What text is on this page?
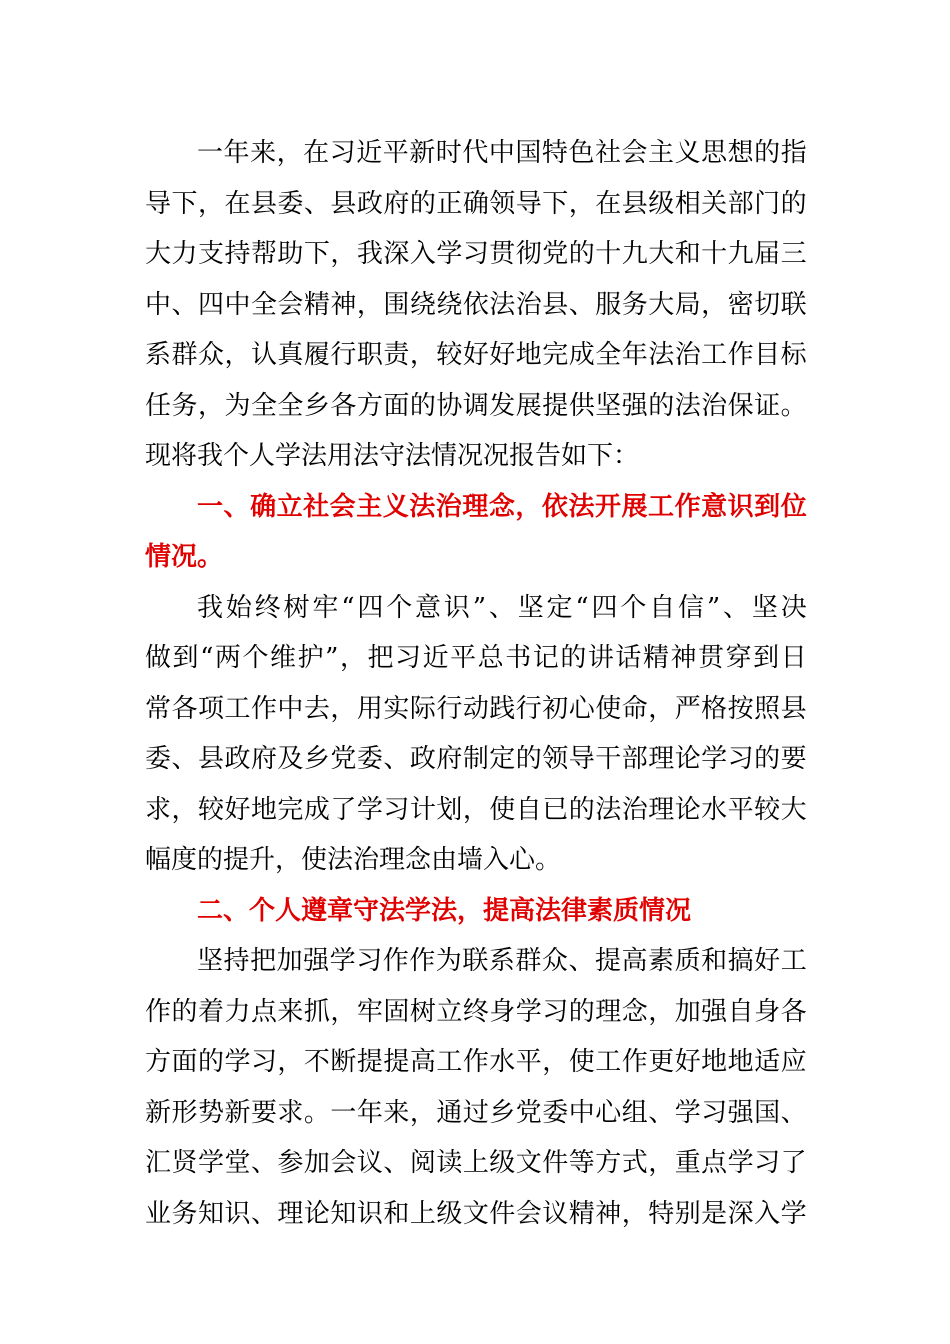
一 年 来 ， 在 习 近 平 新 时 代 中 国 特 色 社 会 主 义 思 想 的 指
导 下 ， 在 县 委 、 县 政 府 的 正 确 领 导 下 ， 在 县 级 相 关 部 门 的
大 力 支 持 帮 助 下 ， 我 深 入 学 习 贯 彻 党 的 十 九 大 和 十 九 届 三
中 、 四 中 全 会 精 神 ， 围 绕 绕 依 法 治 县 、 服 务 大 局 ， 密 切 联
系 群 众 ， 认 真 履 行 职 责 ， 较 好 好 地 完 成 全 年 法 治 工 作 目 标
任 务 ， 为 全 全 乡 各 方 面 的 协 调 发 展 提 供 坚 强 的 法 治 保 证 。
现将我个人学法用法守法情况况报告如下：
一 、 确 立 社 会 主 义 法 治 理 念 ， 依 法 开 展 工 作 意 识 到 位
情况。
我 始 终 树 牢 “ 四 个 意 识 ” 、 坚 定 “ 四 个 自 信 ” 、 坚 决
做 到 “ 两 个 维 护 ” ， 把 习 近 平 总 书 记 的 讲 话 精 神 贯 穿 到 日
常 各 项 工 作 中 去 ， 用 实 际 行 动 践 行 初 心 使 命 ， 严 格 按 照 县
委 、 县 政 府 及 乡 党 委 、 政 府 制 定 的 领 导 干 部 理 论 学 习 的 要
求 ， 较 好 地 完 成 了 学 习 计 划 ， 使 自 已 的 法 治 理 论 水 平 较 大
幅度的提升，使法治理念由墙入心。
二、个人遵章守法学法，提高法律素质情况
坚 持 把 加 强 学 习 作 作 为 联 系 群 众 、 提 高 素 质 和 搞 好 工
作 的 着 力 点 来 抓 ， 牢 固 树 立 终 身 学 习 的 理 念 ， 加 强 自 身 各
方 面 的 学 习 ， 不 断 提 提 高 工 作 水 平 ， 使 工 作 更 好 地 地 适 应
新 形 势 新 要 求 。 一 年 来 ， 通 过 乡 党 委 中 心 组 、 学 习 强 国 、
汇 贤 学 堂 、 参 加 会 议 、 阅 读 上 级 文 件 等 方 式 ， 重 点 学 习 了
业 务 知 识 、 理 论 知 识 和 上 级 文 件 会 议 精 神 ， 特 别 是 深 入 学
